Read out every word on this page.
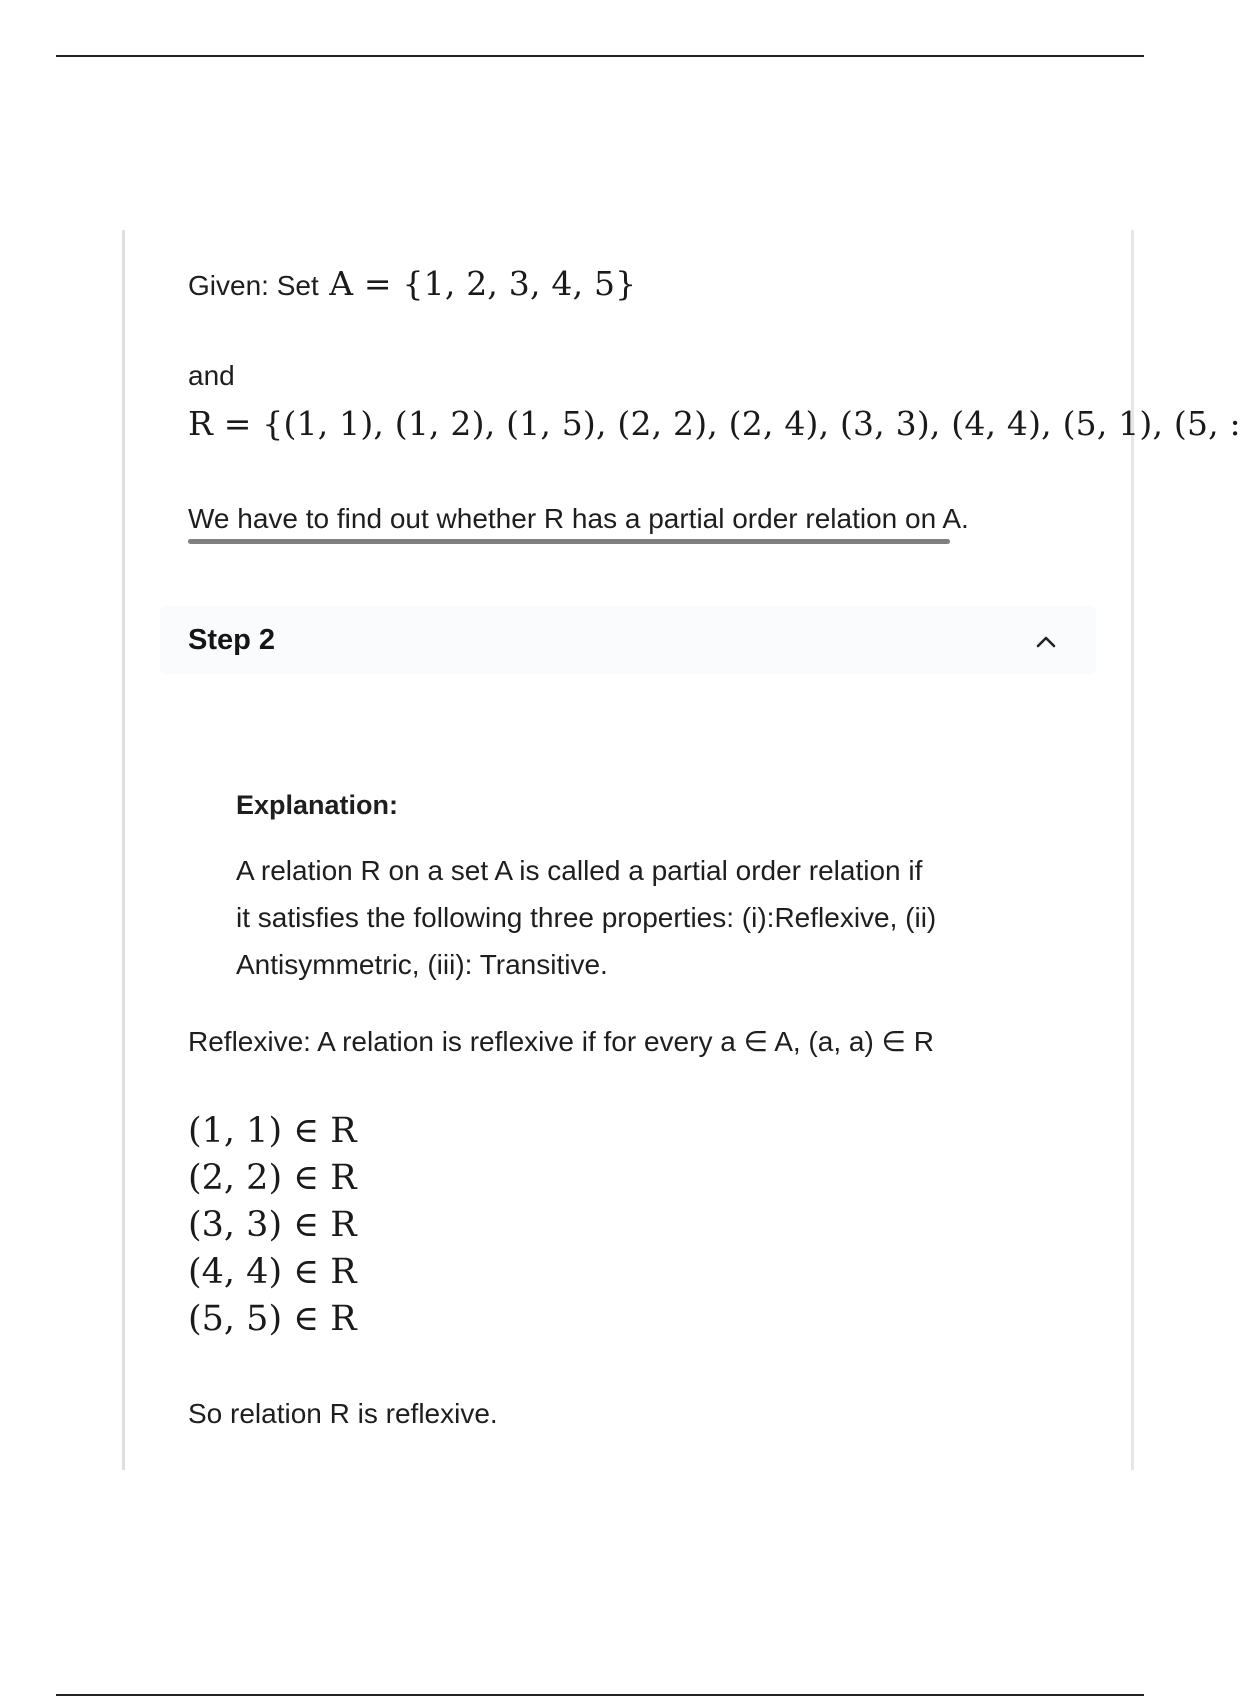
Given: Set A = {1, 2, 3, 4, 5}
and
R = {(1, 1), (1, 2), (1, 5), (2, 2), (2, 4), (3, 3), (4, 4), (5, 1), (5, :
We have to find out whether R has a partial order relation on A.
Step 2
Explanation:
A relation R on a set A is called a partial order relation if
it satisfies the following three properties: (i):Reflexive, (ii)
Antisymmetric, (iii): Transitive.
Reflexive: A relation is reflexive if for every a ∈ A, (a, a) ∈ R
(1, 1) ∈ R
(2, 2) ∈ R
(3, 3) ∈ R
(4, 4) ∈ R
(5, 5) ∈ R
So relation R is reflexive.
